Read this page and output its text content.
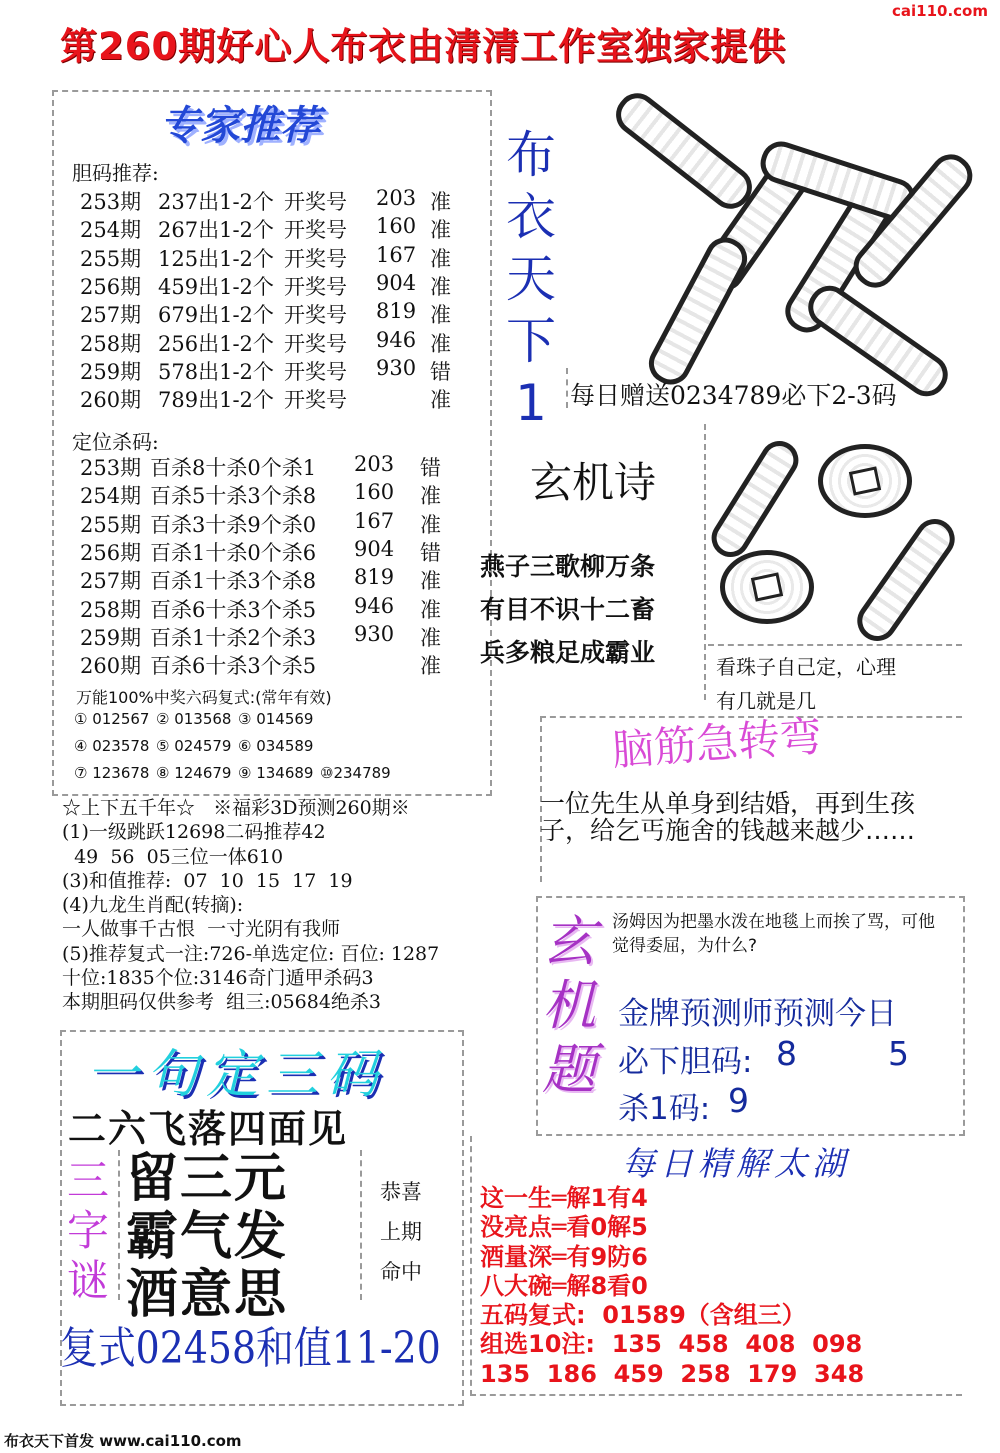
cai110.com
第260期好心人布衣由清清工作室独家提供
专家推荐
胆码推荐:
253期 237出1-2个 开奖号 203 准
254期 267出1-2个 开奖号 160 准
255期 125出1-2个 开奖号 167 准
256期 459出1-2个 开奖号 904 准
257期 679出1-2个 开奖号 819 准
258期 256出1-2个 开奖号 946 准
259期 578出1-2个 开奖号 930 错
260期 789出1-2个 开奖号	准
定位杀码:
253期 百杀8十杀0个杀1 203 错
254期 百杀5十杀3个杀8 160 准
255期 百杀3十杀9个杀0 167 准
256期 百杀1十杀0个杀6 904 错
257期 百杀1十杀3个杀8 819 准
258期 百杀6十杀3个杀5 946 准
259期 百杀1十杀2个杀3 930 准
260期 百杀6十杀3个杀5	准
万能100%中奖六码复式:(常年有效)
① 012567 ② 013568 ③ 014569
④ 023578 ⑤ 024579 ⑥ 034589
⑦ 123678 ⑧ 124679 ⑨ 134689 ⑩234789
布
衣
天
下
1 每日赠送0234789必下2-3码
玄机诗
燕子三歌柳万条
有目不识十二畜
兵多粮足成霸业	看珠子自己定，心理
有几就是几
☆上下五千年☆   ※福彩3D预测260期※
(1)一级跳跃12698二码推荐42
49  56  05三位一体610
(3)和值推荐:  07  10  15  17  19
(4)九龙生肖配(转摘):
一人做事千古恨  一寸光阴有我师
(5)推荐复式一注:726-单选定位: 百位: 1287
十位:1835个位:3146奇门遁甲杀码3
本期胆码仅供参考  组三:05684绝杀3
脑筋急转弯
一位先生从单身到结婚，再到生孩子，给乞丐施舍的钱越来越少……
玄
机
题
汤姆因为把墨水泼在地毯上而挨了骂，可他觉得委屈，为什么?
金牌预测师预测今日
必下胆码: 8	5
杀1码: 9
一句定三码
二六飞落四面见
三
字
谜
留三元
霸气发
酒意思
恭喜
上期
命中
复式02458和值11-20
每日精解太湖
这一生═解1有4
没亮点═看0解5
酒量深═有9防6
八大碗═解8看0
五码复式:  01589（含组三）
组选10注:  135  458  408  098
135  186  459  258  179  348
布衣天下首发 www.cai110.com
